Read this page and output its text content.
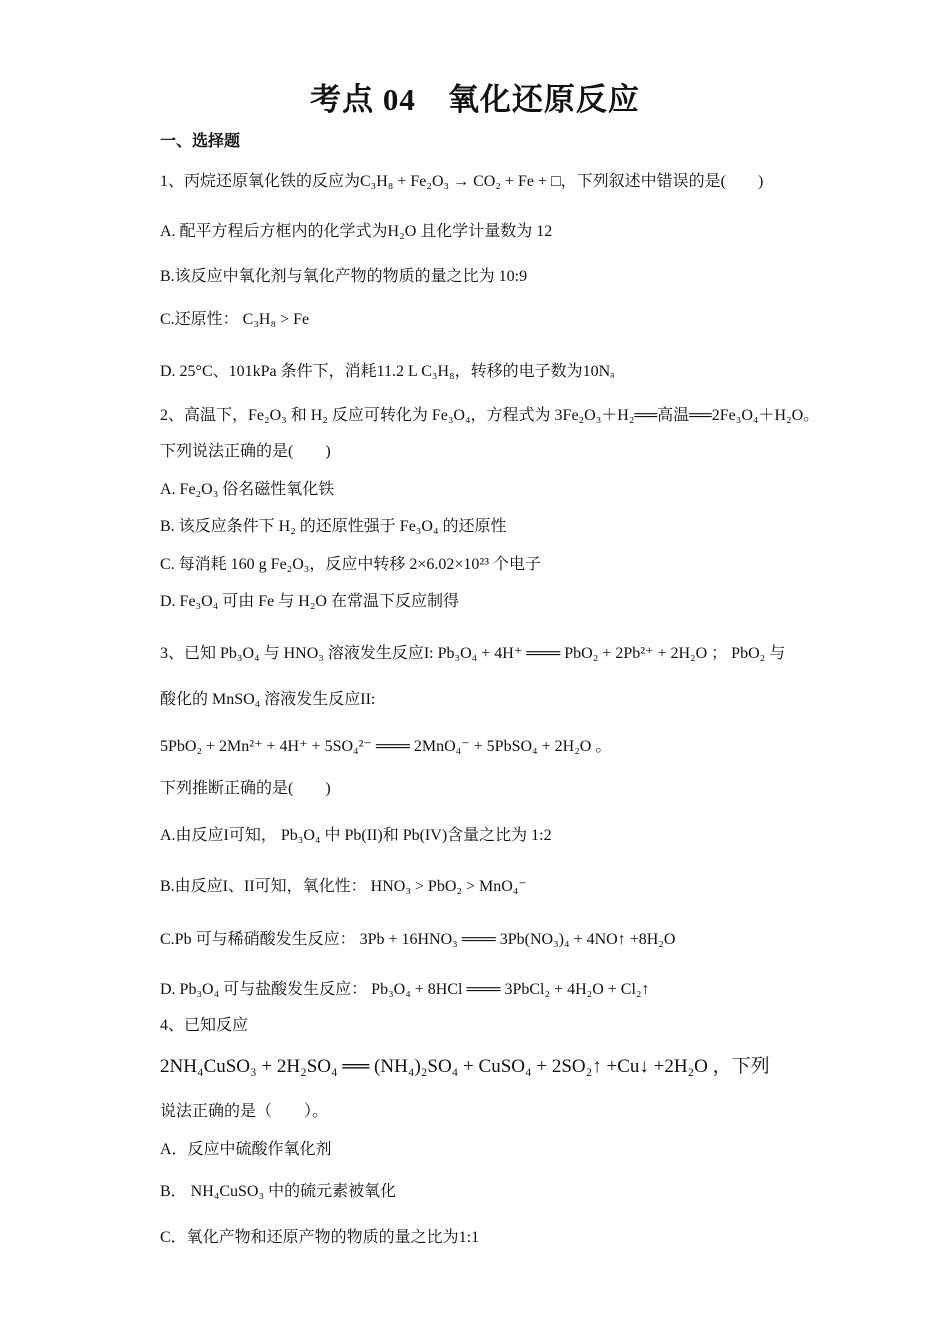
考点 04　氧化还原反应
一、选择题
1、丙烷还原氧化铁的反应为C₃H₈ + Fe₂O₃ → CO₂ + Fe + □，下列叙述中错误的是(　　)
A. 配平方程后方框内的化学式为H₂O 且化学计量数为 12
B.该反应中氧化剂与氧化产物的物质的量之比为 10:9
C.还原性： C₃H₈ > Fe
D. 25°C、101kPa 条件下，消耗11.2 L C₃H₈，转移的电子数为10Nₐ
2、高温下，Fe₂O₃ 和 H₂ 反应可转化为 Fe₃O₄，方程式为 3Fe₂O₃＋H₂══高温══2Fe₃O₄＋H₂O。
下列说法正确的是(　　)
A. Fe₂O₃ 俗名磁性氧化铁
B. 该反应条件下 H₂ 的还原性强于 Fe₃O₄ 的还原性
C. 每消耗 160 g Fe₂O₃，反应中转移 2×6.02×10²³ 个电子
D. Fe₃O₄ 可由 Fe 与 H₂O 在常温下反应制得
3、已知 Pb₃O₄ 与 HNO₃ 溶液发生反应I: Pb₃O₄ + 4H⁺ ═══ PbO₂ + 2Pb²⁺ + 2H₂O ； PbO₂ 与
酸化的 MnSO₄ 溶液发生反应II:
5PbO₂ + 2Mn²⁺ + 4H⁺ + 5SO₄²⁻ ═══ 2MnO₄⁻ + 5PbSO₄ + 2H₂O 。
下列推断正确的是(　　)
A.由反应I可知， Pb₃O₄ 中 Pb(II)和 Pb(IV)含量之比为 1:2
B.由反应I、II可知，氧化性： HNO₃ > PbO₂ > MnO₄⁻
C.Pb 可与稀硝酸发生反应： 3Pb + 16HNO₃ ═══ 3Pb(NO₃)₄ + 4NO↑ +8H₂O
D. Pb₃O₄ 可与盐酸发生反应： Pb₃O₄ + 8HCl ═══ 3PbCl₂ + 4H₂O + Cl₂↑
4、已知反应
2NH₄CuSO₃ + 2H₂SO₄ ══ (NH₄)₂SO₄ + CuSO₄ + 2SO₂↑ +Cu↓ +2H₂O ，下列
说法正确的是（　　）。
A．反应中硫酸作氧化剂
B． NH₄CuSO₃ 中的硫元素被氧化
C．氧化产物和还原产物的物质的量之比为1:1
